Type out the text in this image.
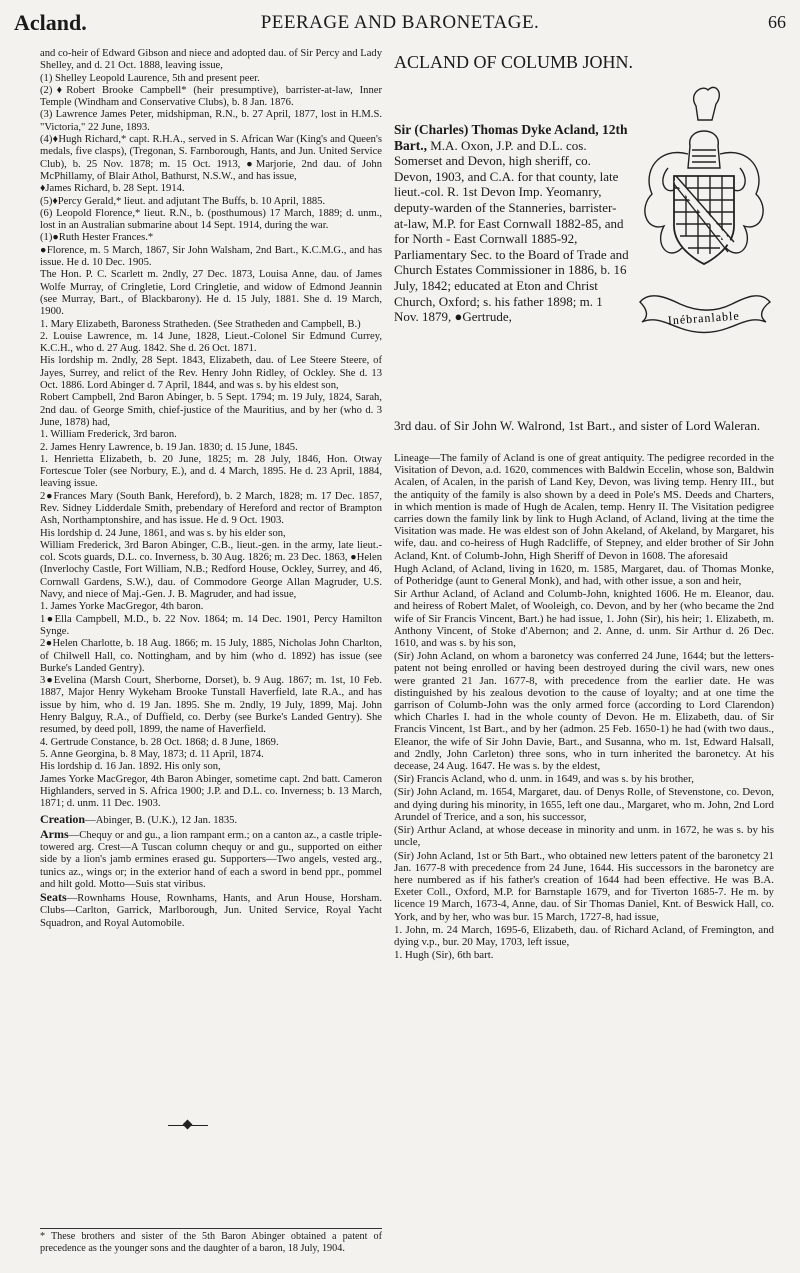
Acland.	PEERAGE AND BARONETAGE.	66

and co-heir of Edward Gibson and niece and adopted dau. of Sir Percy and Lady Shelley, and d. 21 Oct. 1888, leaving issue,

(1) Shelley Leopold Laurence, 5th and present peer.

(2)♦Robert Brooke Campbell* (heir presumptive), barrister-at-law, Inner Temple (Windham and Conservative Clubs), b. 8 Jan. 1876.

(3) Lawrence James Peter, midshipman, R.N., b. 27 April, 1877, lost in H.M.S. "Victoria," 22 June, 1893.

(4)♦Hugh Richard,* capt. R.H.A., served in S. African War (King's and Queen's medals, five clasps), (Tregonan, S. Farnborough, Hants, and Jun. United Service Club), b. 25 Nov. 1878; m. 15 Oct. 1913, ●Marjorie, 2nd dau. of John McPhillamy, of Blair Athol, Bathurst, N.S.W., and has issue,

♦James Richard, b. 28 Sept. 1914.

(5)♦Percy Gerald,* lieut. and adjutant The Buffs, b. 10 April, 1885.

(6) Leopold Florence,* lieut. R.N., b. (posthumous) 17 March, 1889; d. unm., lost in an Australian submarine about 14 Sept. 1914, during the war.

(1)●Ruth Hester Frances.*

●Florence, m. 5 March, 1867, Sir John Walsham, 2nd Bart., K.C.M.G., and has issue. He d. 10 Dec. 1905.

The Hon. P. C. Scarlett m. 2ndly, 27 Dec. 1873, Louisa Anne, dau. of James Wolfe Murray, of Cringletie, Lord Cringletie, and widow of Edmond Jeannin (see Murray, Bart., of Blackbarony). He d. 15 July, 1881. She d. 19 March, 1900.

1. Mary Elizabeth, Baroness Stratheden. (See Stratheden and Campbell, B.)

2. Louise Lawrence, m. 14 June, 1828, Lieut.-Colonel Sir Edmund Currey, K.C.H., who d. 27 Aug. 1842. She d. 26 Oct. 1871.

His lordship m. 2ndly, 28 Sept. 1843, Elizabeth, dau. of Lee Steere Steere, of Jayes, Surrey, and relict of the Rev. Henry John Ridley, of Ockley. She d. 13 Oct. 1886. Lord Abinger d. 7 April, 1844, and was s. by his eldest son,

Robert Campbell, 2nd Baron Abinger, b. 5 Sept. 1794; m. 19 July, 1824, Sarah, 2nd dau. of George Smith, chief-justice of the Mauritius, and by her (who d. 3 June, 1878) had,

1. William Frederick, 3rd baron.

2. James Henry Lawrence, b. 19 Jan. 1830; d. 15 June, 1845.

1. Henrietta Elizabeth, b. 20 June, 1825; m. 28 July, 1846, Hon. Otway Fortescue Toler (see Norbury, E.), and d. 4 March, 1895. He d. 23 April, 1884, leaving issue.

2●Frances Mary (South Bank, Hereford), b. 2 March, 1828; m. 17 Dec. 1857, Rev. Sidney Lidderdale Smith, prebendary of Hereford and rector of Brampton Ash, Northamptonshire, and has issue. He d. 9 Oct. 1903.

His lordship d. 24 June, 1861, and was s. by his elder son,

William Frederick, 3rd Baron Abinger, C.B., lieut.-gen. in the army, late lieut.-col. Scots guards, D.L. co. Inverness, b. 30 Aug. 1826; m. 23 Dec. 1863, ●Helen (Inverlochy Castle, Fort William, N.B.; Redford House, Ockley, Surrey, and 46, Cornwall Gardens, S.W.), dau. of Commodore George Allan Magruder, U.S. Navy, and niece of Maj.-Gen. J. B. Magruder, and had issue,

1. James Yorke MacGregor, 4th baron.

1●Ella Campbell, M.D., b. 22 Nov. 1864; m. 14 Dec. 1901, Percy Hamilton Synge.

2●Helen Charlotte, b. 18 Aug. 1866; m. 15 July, 1885, Nicholas John Charlton, of Chilwell Hall, co. Nottingham, and by him (who d. 1892) has issue (see Burke's Landed Gentry).

3●Evelina (Marsh Court, Sherborne, Dorset), b. 9 Aug. 1867; m. 1st, 10 Feb. 1887, Major Henry Wykeham Brooke Tunstall Haverfield, late R.A., and has issue by him, who d. 19 Jan. 1895. She m. 2ndly, 19 July, 1899, Maj. John Henry Balguy, R.A., of Duffield, co. Derby (see Burke's Landed Gentry). She resumed, by deed poll, 1899, the name of Haverfield.

4. Gertrude Constance, b. 28 Oct. 1868; d. 8 June, 1869.

5. Anne Georgina, b. 8 May, 1873; d. 11 April, 1874.

His lordship d. 16 Jan. 1892. His only son,

James Yorke MacGregor, 4th Baron Abinger, sometime capt. 2nd batt. Cameron Highlanders, served in S. Africa 1900; J.P. and D.L. co. Inverness; b. 13 March, 1871; d. unm. 11 Dec. 1903.

Creation—Abinger, B. (U.K.), 12 Jan. 1835.

Arms—Chequy or and gu., a lion rampant erm.; on a canton az., a castle triple-towered arg. Crest—A Tuscan column chequy or and gu., supported on either side by a lion's jamb ermines erased gu. Supporters—Two angels, vested arg., tunics az., wings or; in the exterior hand of each a sword in bend ppr., pommel and hilt gold. Motto—Suis stat viribus.

Seats—Rownhams House, Rownhams, Hants, and Arun House, Horsham. Clubs—Carlton, Garrick, Marlborough, Jun. United Service, Royal Yacht Squadron, and Royal Automobile.

* These brothers and sister of the 5th Baron Abinger obtained a patent of precedence as the younger sons and the daughter of a baron, 18 July, 1904.

ACLAND OF COLUMB JOHN.

Sir (Charles) Thomas Dyke Acland, 12th Bart., M.A. Oxon, J.P. and D.L. cos. Somerset and Devon, high sheriff, co. Devon, 1903, and C.A. for that county, late lieut.-col. R. 1st Devon Imp. Yeomanry, deputy-warden of the Stanneries, barrister-at-law, M.P. for East Cornwall 1882-85, and for North - East Cornwall 1885-92, Parliamentary Sec. to the Board of Trade and Church Estates Commissioner in 1886, b. 16 July, 1842; educated at Eton and Christ Church, Oxford; s. his father 1898; m. 1 Nov. 1879, ●Gertrude,	Inébranlable
3rd dau. of Sir John W. Walrond, 1st Bart., and sister of Lord Waleran.

Lineage—The family of Acland is one of great antiquity. The pedigree recorded in the Visitation of Devon, a.d. 1620, commences with Baldwin Eccelin, whose son, Baldwin Acalen, of Acalen, in the parish of Land Key, Devon, was living temp. Henry III., but the antiquity of the family is also shown by a deed in Pole's MS. Deeds and Charters, in which mention is made of Hugh de Acalen, temp. Henry II. The Visitation pedigree carries down the family link by link to Hugh Acland, of Acland, living at the time the Visitation was made. He was eldest son of John Akeland, of Akeland, by Margaret, his wife, dau. and co-heiress of Hugh Radcliffe, of Stepney, and elder brother of Sir John Acland, Knt. of Columb-John, High Sheriff of Devon in 1608. The aforesaid

Hugh Acland, of Acland, living in 1620, m. 1585, Margaret, dau. of Thomas Monke, of Potheridge (aunt to General Monk), and had, with other issue, a son and heir,

Sir Arthur Acland, of Acland and Columb-John, knighted 1606. He m. Eleanor, dau. and heiress of Robert Malet, of Wooleigh, co. Devon, and by her (who became the 2nd wife of Sir Francis Vincent, Bart.) he had issue, 1. John (Sir), his heir; 1. Elizabeth, m. Anthony Vincent, of Stoke d'Abernon; and 2. Anne, d. unm. Sir Arthur d. 26 Dec. 1610, and was s. by his son,

(Sir) John Acland, on whom a baronetcy was conferred 24 June, 1644; but the letters-patent not being enrolled or having been destroyed during the civil wars, new ones were granted 21 Jan. 1677-8, with precedence from the earlier date. He was distinguished by his zealous devotion to the cause of loyalty; and at one time the garrison of Columb-John was the only armed force (according to Lord Clarendon) which Charles I. had in the whole county of Devon. He m. Elizabeth, dau. of Sir Francis Vincent, 1st Bart., and by her (admon. 25 Feb. 1650-1) he had (with two daus., Eleanor, the wife of Sir John Davie, Bart., and Susanna, who m. 1st, Edward Halsall, and 2ndly, John Carleton) three sons, who in turn inherited the baronetcy. At his decease, 24 Aug. 1647. He was s. by the eldest,

(Sir) Francis Acland, who d. unm. in 1649, and was s. by his brother,

(Sir) John Acland, m. 1654, Margaret, dau. of Denys Rolle, of Stevenstone, co. Devon, and dying during his minority, in 1655, left one dau., Margaret, who m. John, 2nd Lord Arundel of Trerice, and a son, his successor,

(Sir) Arthur Acland, at whose decease in minority and unm. in 1672, he was s. by his uncle,

(Sir) John Acland, 1st or 5th Bart., who obtained new letters patent of the baronetcy 21 Jan. 1677-8 with precedence from 24 June, 1644. His successors in the baronetcy are here numbered as if his father's creation of 1644 had been effective. He was B.A. Exeter Coll., Oxford, M.P. for Barnstaple 1679, and for Tiverton 1685-7. He m. by licence 19 March, 1673-4, Anne, dau. of Sir Thomas Daniel, Knt. of Beswick Hall, co. York, and by her, who was bur. 15 March, 1727-8, had issue,

1. John, m. 24 March, 1695-6, Elizabeth, dau. of Richard Acland, of Fremington, and dying v.p., bur. 20 May, 1703, left issue,

1. Hugh (Sir), 6th bart.
